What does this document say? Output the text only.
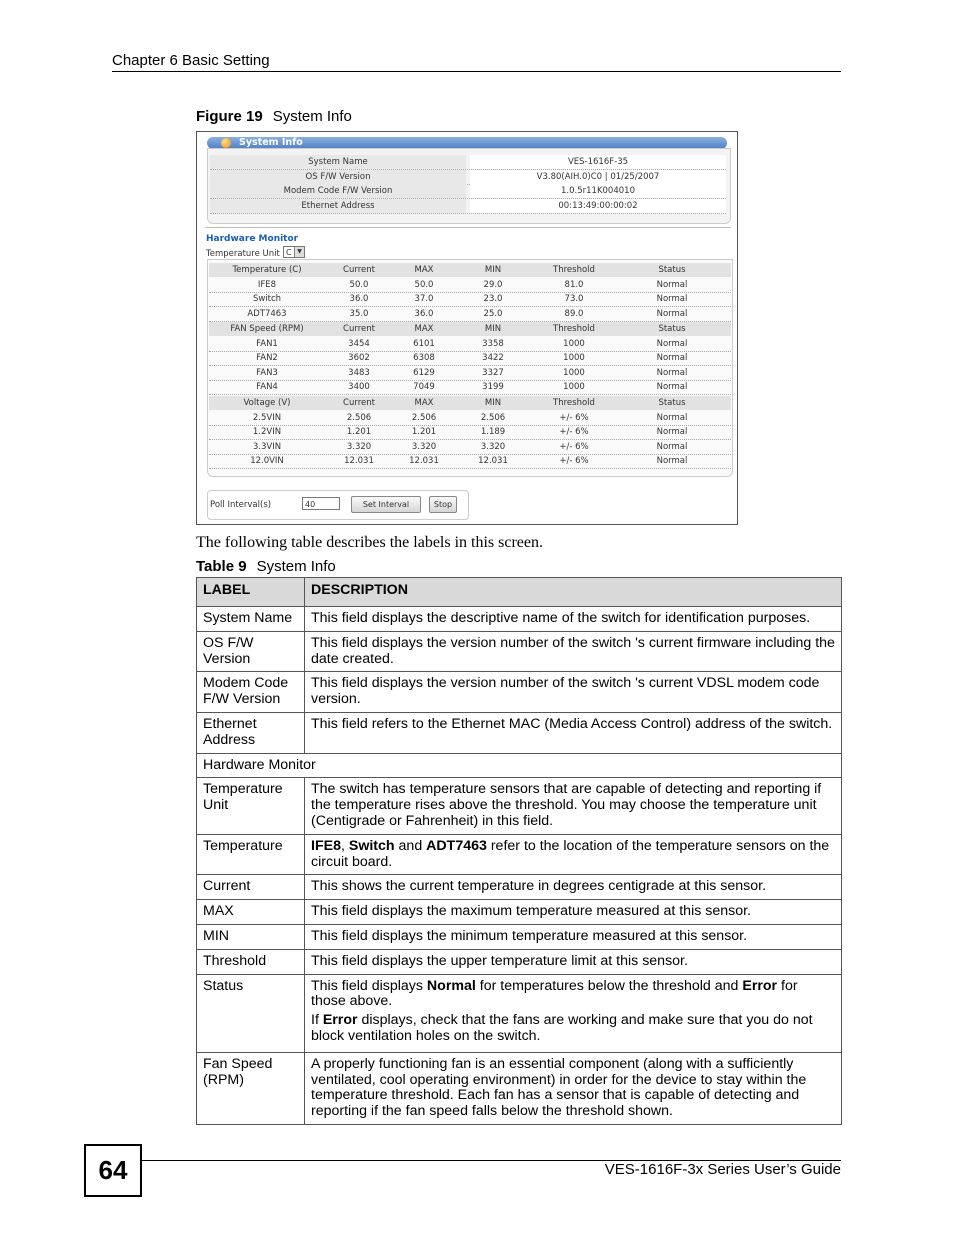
Chapter 6 Basic Setting
Figure 19 System Info
System Info
System Name	VES-1616F-35
OS F/W Version	V3.80(AIH.0)C0 | 01/25/2007
Modem Code F/W Version	1.0.5r11K004010
Ethernet Address	00:13:49:00:00:02
Hardware Monitor
Temperature Unit C ▼
Temperature (C)	Current	MAX	MIN	Threshold	Status
IFE8	50.0	50.0	29.0	81.0	Normal
Switch	36.0	37.0	23.0	73.0	Normal
ADT7463	35.0	36.0	25.0	89.0	Normal
FAN Speed (RPM)	Current	MAX	MIN	Threshold	Status
FAN1	3454	6101	3358	1000	Normal
FAN2	3602	6308	3422	1000	Normal
FAN3	3483	6129	3327	1000	Normal
FAN4	3400	7049	3199	1000	Normal
Voltage (V)	Current	MAX	MIN	Threshold	Status
2.5VIN	2.506	2.506	2.506	+/- 6%	Normal
1.2VIN	1.201	1.201	1.189	+/- 6%	Normal
3.3VIN	3.320	3.320	3.320	+/- 6%	Normal
12.0VIN	12.031	12.031	12.031	+/- 6%	Normal
Poll Interval(s)	40	Set Interval	Stop
The following table describes the labels in this screen.
Table 9 System Info
LABEL	DESCRIPTION
System Name	This field displays the descriptive name of the switch for identification purposes.
OS F/W Version	This field displays the version number of the switch 's current firmware including the date created.
Modem Code F/W Version	This field displays the version number of the switch 's current VDSL modem code version.
Ethernet Address	This field refers to the Ethernet MAC (Media Access Control) address of the switch.
Hardware Monitor	
Temperature Unit	The switch has temperature sensors that are capable of detecting and reporting if the temperature rises above the threshold. You may choose the temperature unit (Centigrade or Fahrenheit) in this field.
Temperature	IFE8, Switch and ADT7463 refer to the location of the temperature sensors on the circuit board.
Current	This shows the current temperature in degrees centigrade at this sensor.
MAX	This field displays the maximum temperature measured at this sensor.
MIN	This field displays the minimum temperature measured at this sensor.
Threshold	This field displays the upper temperature limit at this sensor.
Status	This field displays Normal for temperatures below the threshold and Error for those above.

If Error displays, check that the fans are working and make sure that you do not block ventilation holes on the switch.

Fan Speed (RPM)	A properly functioning fan is an essential component (along with a sufficiently ventilated, cool operating environment) in order for the device to stay within the temperature threshold. Each fan has a sensor that is capable of detecting and reporting if the fan speed falls below the threshold shown.
64	VES-1616F-3x Series User’s Guide
